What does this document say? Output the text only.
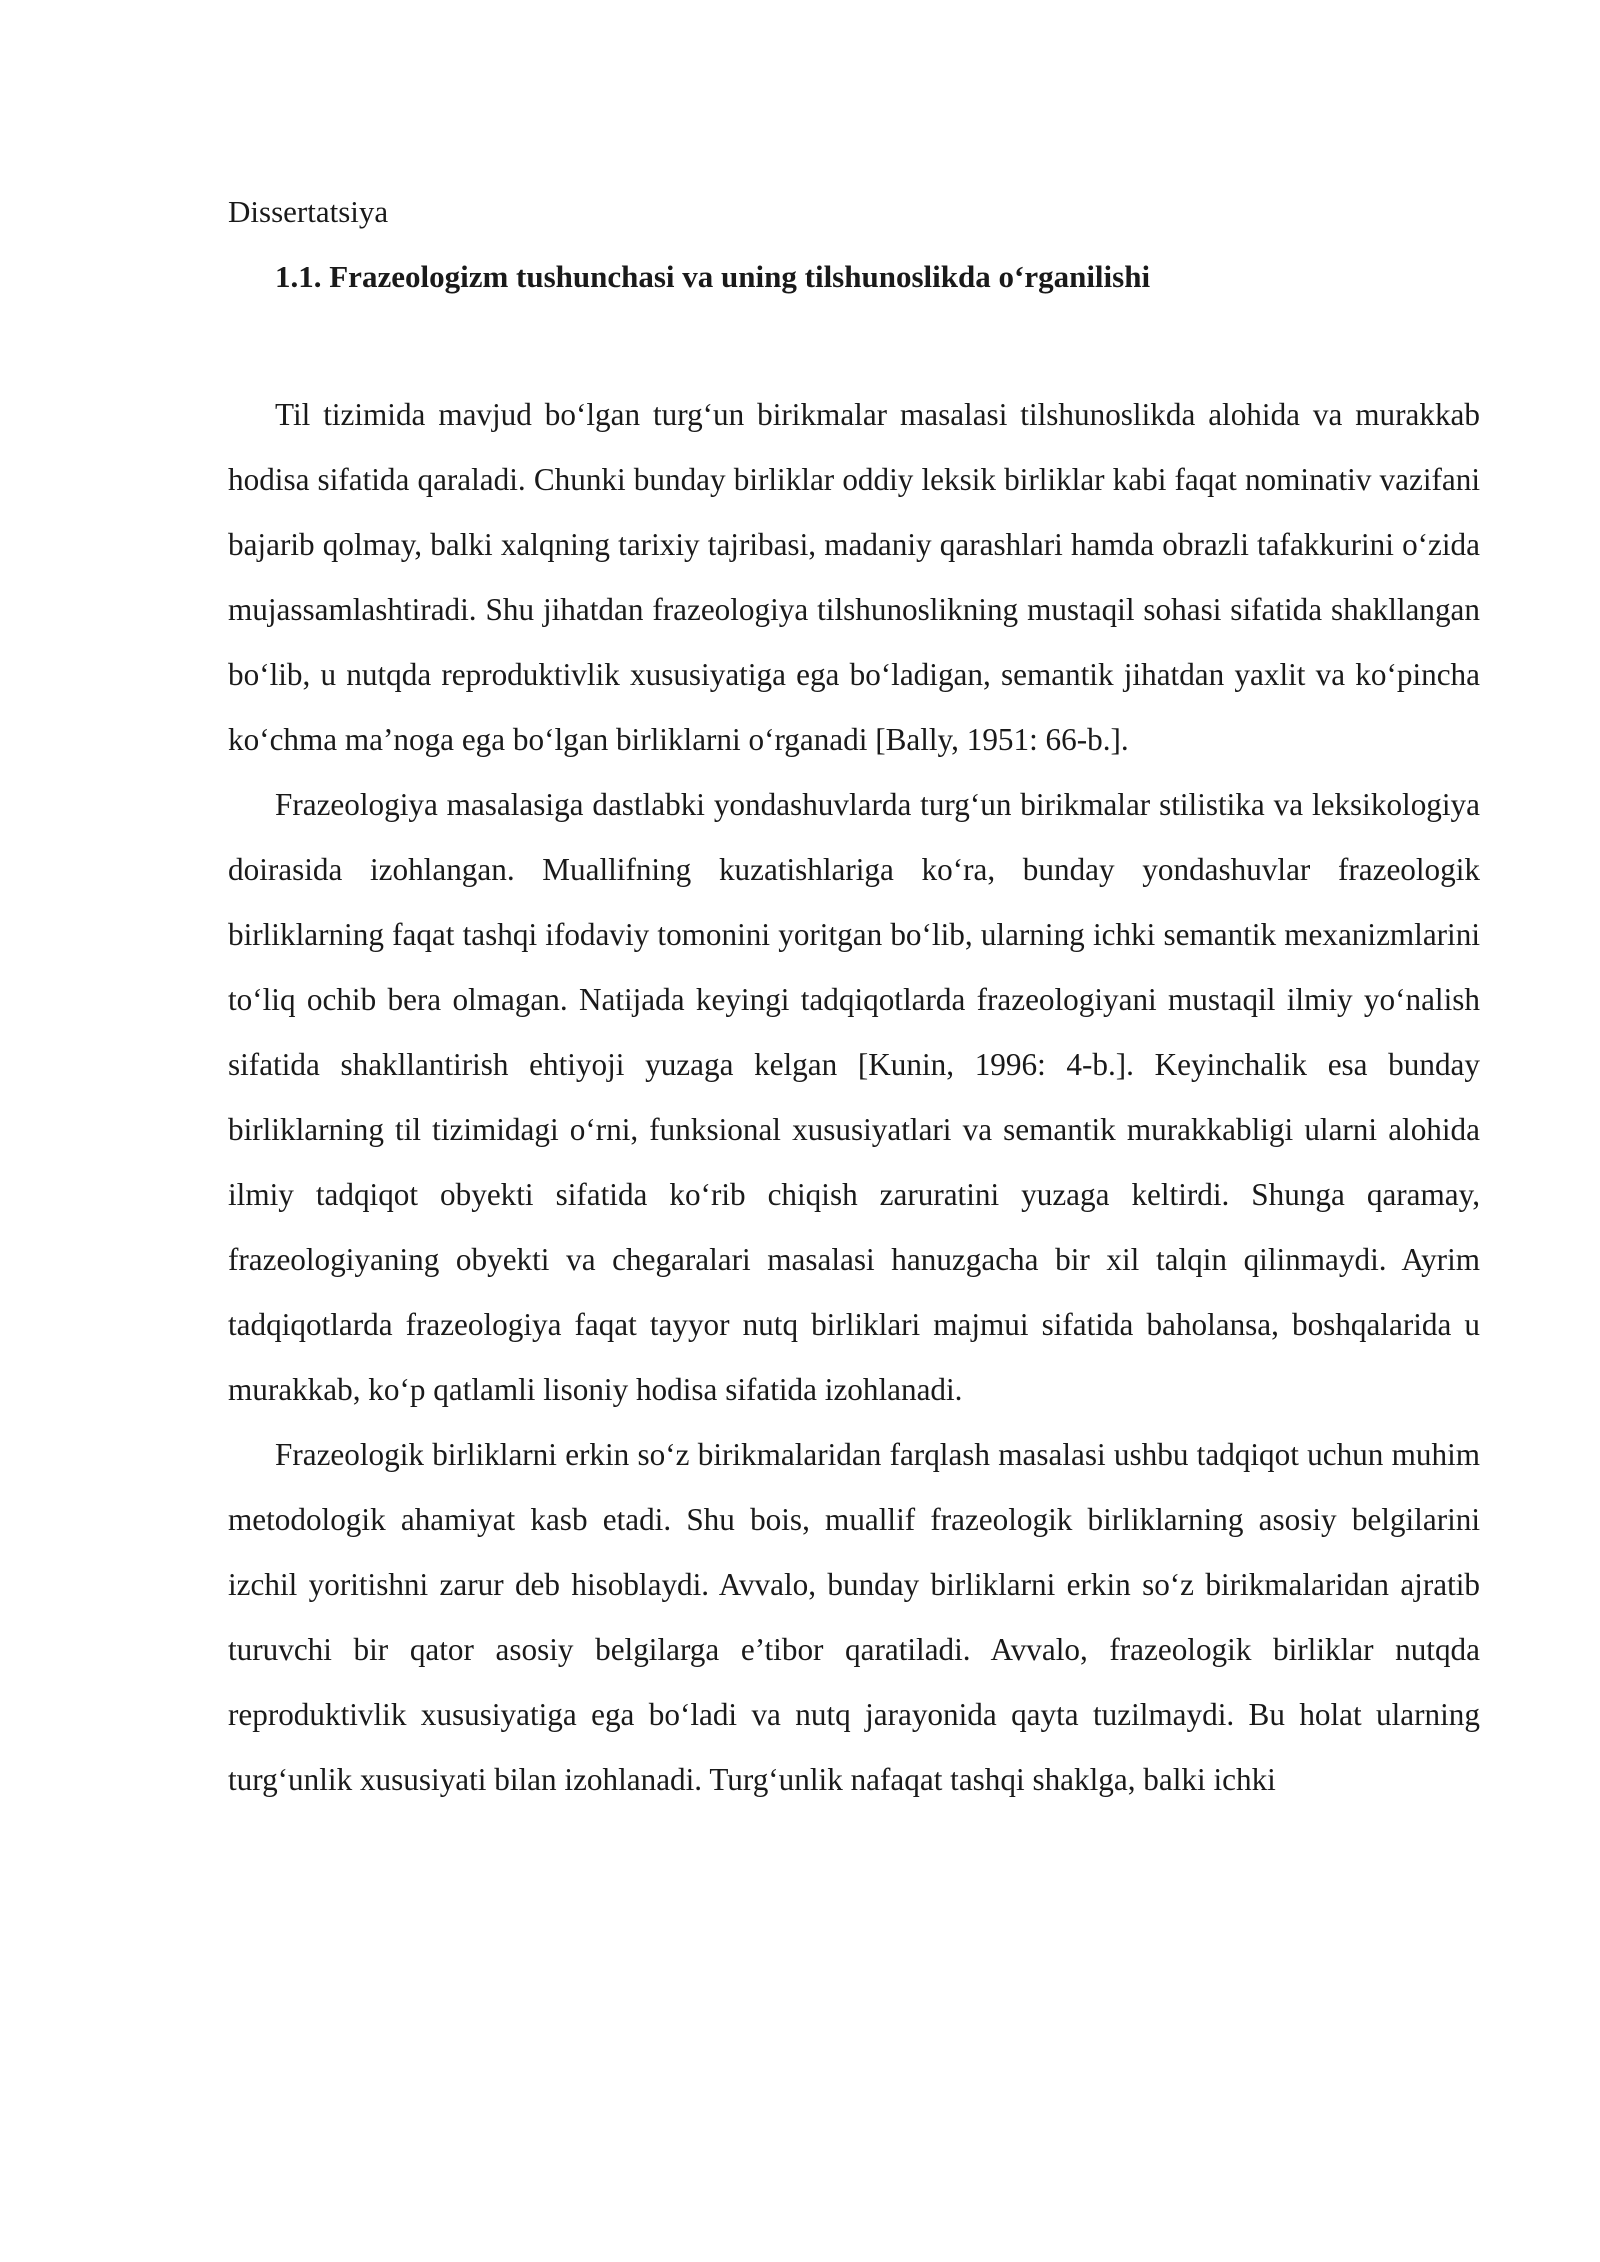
Dissertatsiya

1.1. Frazeologizm tushunchasi va uning tilshunoslikda o‘rganilishi

Til tizimida mavjud bo‘lgan turg‘un birikmalar masalasi tilshunoslikda alohida va murakkab hodisa sifatida qaraladi. Chunki bunday birliklar oddiy leksik birliklar kabi faqat nominativ vazifani bajarib qolmay, balki xalqning tarixiy tajribasi, madaniy qarashlari hamda obrazli tafakkurini o‘zida mujassamlashtiradi. Shu jihatdan frazeologiya tilshunoslikning mustaqil sohasi sifatida shakllangan bo‘lib, u nutqda reproduktivlik xususiyatiga ega bo‘ladigan, semantik jihatdan yaxlit va ko‘pincha ko‘chma ma’noga ega bo‘lgan birliklarni o‘rganadi [Bally, 1951: 66-b.].

Frazeologiya masalasiga dastlabki yondashuvlarda turg‘un birikmalar stilistika va leksikologiya doirasida izohlangan. Muallifning kuzatishlariga ko‘ra, bunday yondashuvlar frazeologik birliklarning faqat tashqi ifodaviy tomonini yoritgan bo‘lib, ularning ichki semantik mexanizmlarini to‘liq ochib bera olmagan. Natijada keyingi tadqiqotlarda frazeologiyani mustaqil ilmiy yo‘nalish sifatida shakllantirish ehtiyoji yuzaga kelgan [Kunin, 1996: 4-b.]. Keyinchalik esa bunday birliklarning til tizimidagi o‘rni, funksional xususiyatlari va semantik murakkabligi ularni alohida ilmiy tadqiqot obyekti sifatida ko‘rib chiqish zaruratini yuzaga keltirdi. Shunga qaramay, frazeologiyaning obyekti va chegaralari masalasi hanuzgacha bir xil talqin qilinmaydi. Ayrim tadqiqotlarda frazeologiya faqat tayyor nutq birliklari majmui sifatida baholansa, boshqalarida u murakkab, ko‘p qatlamli lisoniy hodisa sifatida izohlanadi.

Frazeologik birliklarni erkin so‘z birikmalaridan farqlash masalasi ushbu tadqiqot uchun muhim metodologik ahamiyat kasb etadi. Shu bois, muallif frazeologik birliklarning asosiy belgilarini izchil yoritishni zarur deb hisoblaydi. Avvalo, bunday birliklarni erkin so‘z birikmalaridan ajratib turuvchi bir qator asosiy belgilarga e’tibor qaratiladi. Avvalo, frazeologik birliklar nutqda reproduktivlik xususiyatiga ega bo‘ladi va nutq jarayonida qayta tuzilmaydi. Bu holat ularning turg‘unlik xususiyati bilan izohlanadi. Turg‘unlik nafaqat tashqi shaklga, balki ichki
